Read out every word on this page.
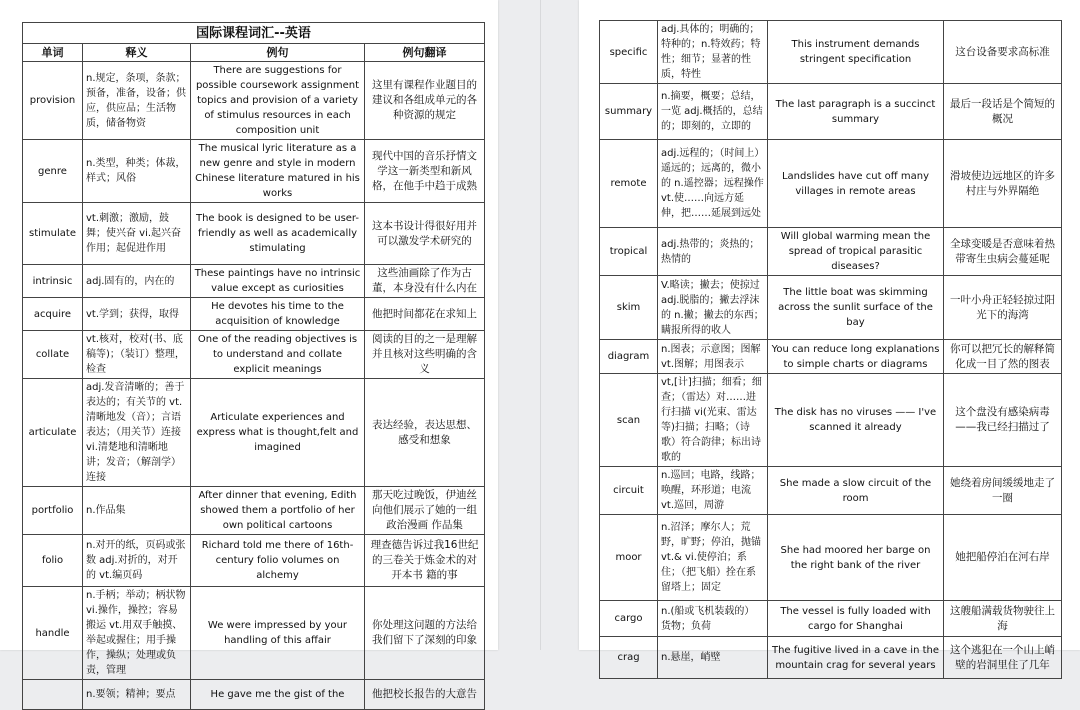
国际课程词汇--英语			
单词	释义	例句	例句翻译
provision	n.规定，条项，条款；预备，准备，设备；供应，供应品；生活物质，储备物资	There are suggestions for possible coursework assignment topics and provision of a variety of stimulus resources in each composition unit	这里有课程作业题目的建议和各组成单元的各种资源的规定
genre	n.类型，种类；体裁，样式；风俗	The musical lyric literature as a new genre and style in modern Chinese literature matured in his works	现代中国的音乐抒情文学这一新类型和新风格，在他手中趋于成熟
stimulate	vt.刺激；激励，鼓舞；使兴奋 vi.起兴奋作用；起促进作用	The book is designed to be user-friendly as well as academically stimulating	这本书设计得很好用并可以激发学术研究的
intrinsic	adj.固有的，内在的	These paintings have no intrinsic value except as curiosities	这些油画除了作为古董，本身没有什么内在
acquire	vt.学到；获得，取得	He devotes his time to the acquisition of knowledge	他把时间都花在求知上
collate	vt.核对，校对(书、底稿等)；（装订）整理，检查	One of the reading objectives is to understand and collate explicit meanings	阅读的目的之一是理解并且核对这些明确的含义
articulate	adj.发音清晰的；善于表达的；有关节的 vt.清晰地发（音）；言语表达；（用关节）连接 vi.清楚地和清晰地讲；发音；（解剖学）连接	Articulate experiences and express what is thought,felt and imagined	表达经验，表达思想、感受和想象
portfolio	n.作品集	After dinner that evening, Edith showed them a portfolio of her own political cartoons	那天吃过晚饭，伊迪丝向他们展示了她的一组政治漫画 作品集
folio	n.对开的纸，页码或张数 adj.对折的，对开的 vt.编页码	Richard told me there of 16th-century folio volumes on alchemy	理查德告诉过我16世纪的三卷关于炼金术的对开本书 籍的事
handle	n.手柄；举动；柄状物 vi.操作，操控；容易搬运 vt.用双手触摸、举起或握住；用手操作，操纵；处理或负责，管理	We were impressed by your handling of this affair	你处理这问题的方法给我们留下了深刻的印象
	n.要领；精神；要点	He gave me the gist of the	他把校长报告的大意告
specific	adj.具体的；明确的；特种的；n.特效药；特性；细节；显著的性质，特性	This instrument demands stringent specification	这台设备要求高标准
summary	n.摘要，概要；总结，一览 adj.概括的，总结的；即刻的，立即的	The last paragraph is a succinct summary	最后一段话是个简短的概况
remote	adj.远程的；（时间上）遥远的；远离的，微小的 n.遥控器；远程操作 vt.使……向远方延伸，把……延展到远处	Landslides have cut off many villages in remote areas	滑坡使边远地区的许多村庄与外界隔绝
tropical	adj.热带的；炎热的；热情的	Will global warming mean the spread of tropical parasitic diseases?	全球变暖是否意味着热带寄生虫病会蔓延呢
skim	V.略读；撇去；使掠过 adj.脱脂的；撇去浮沫的 n.撇；撇去的东西；瞒报所得的收人	The little boat was skimming across the sunlit surface of the bay	一叶小舟正轻轻掠过阳光下的海湾
diagram	n.图表；示意图；图解 vt.图解；用图表示	You can reduce long explanations to simple charts or diagrams	你可以把冗长的解释简化成一目了然的图表
scan	vt,[计]扫描；细看；细查；（雷达）对……进行扫描 vi(光束、雷达等)扫描；扫略；（诗歌）符合韵律；标出诗歌的	The disk has no viruses —— I've scanned it already	这个盘没有感染病毒——我已经扫描过了
circuit	n.巡回；电路，线路；唤醒，环形道；电流 vt.巡回，周游	She made a slow circuit of the room	她绕着房间缓缓地走了一圈
moor	n.沼泽；摩尔人；荒野，旷野；停泊，抛锚 vt.& vi.使停泊；系住；（把飞船）拴在系留塔上；固定	She had moored her barge on the right bank of the river	她把船停泊在河右岸
cargo	n.(船或飞机装载的）货物；负荷	The vessel is fully loaded with cargo for Shanghai	这艘船满载货物驶往上海
crag	n.悬崖，峭壁	The fugitive lived in a cave in the mountain crag for several years	这个逃犯在一个山上峭壁的岩洞里住了几年
